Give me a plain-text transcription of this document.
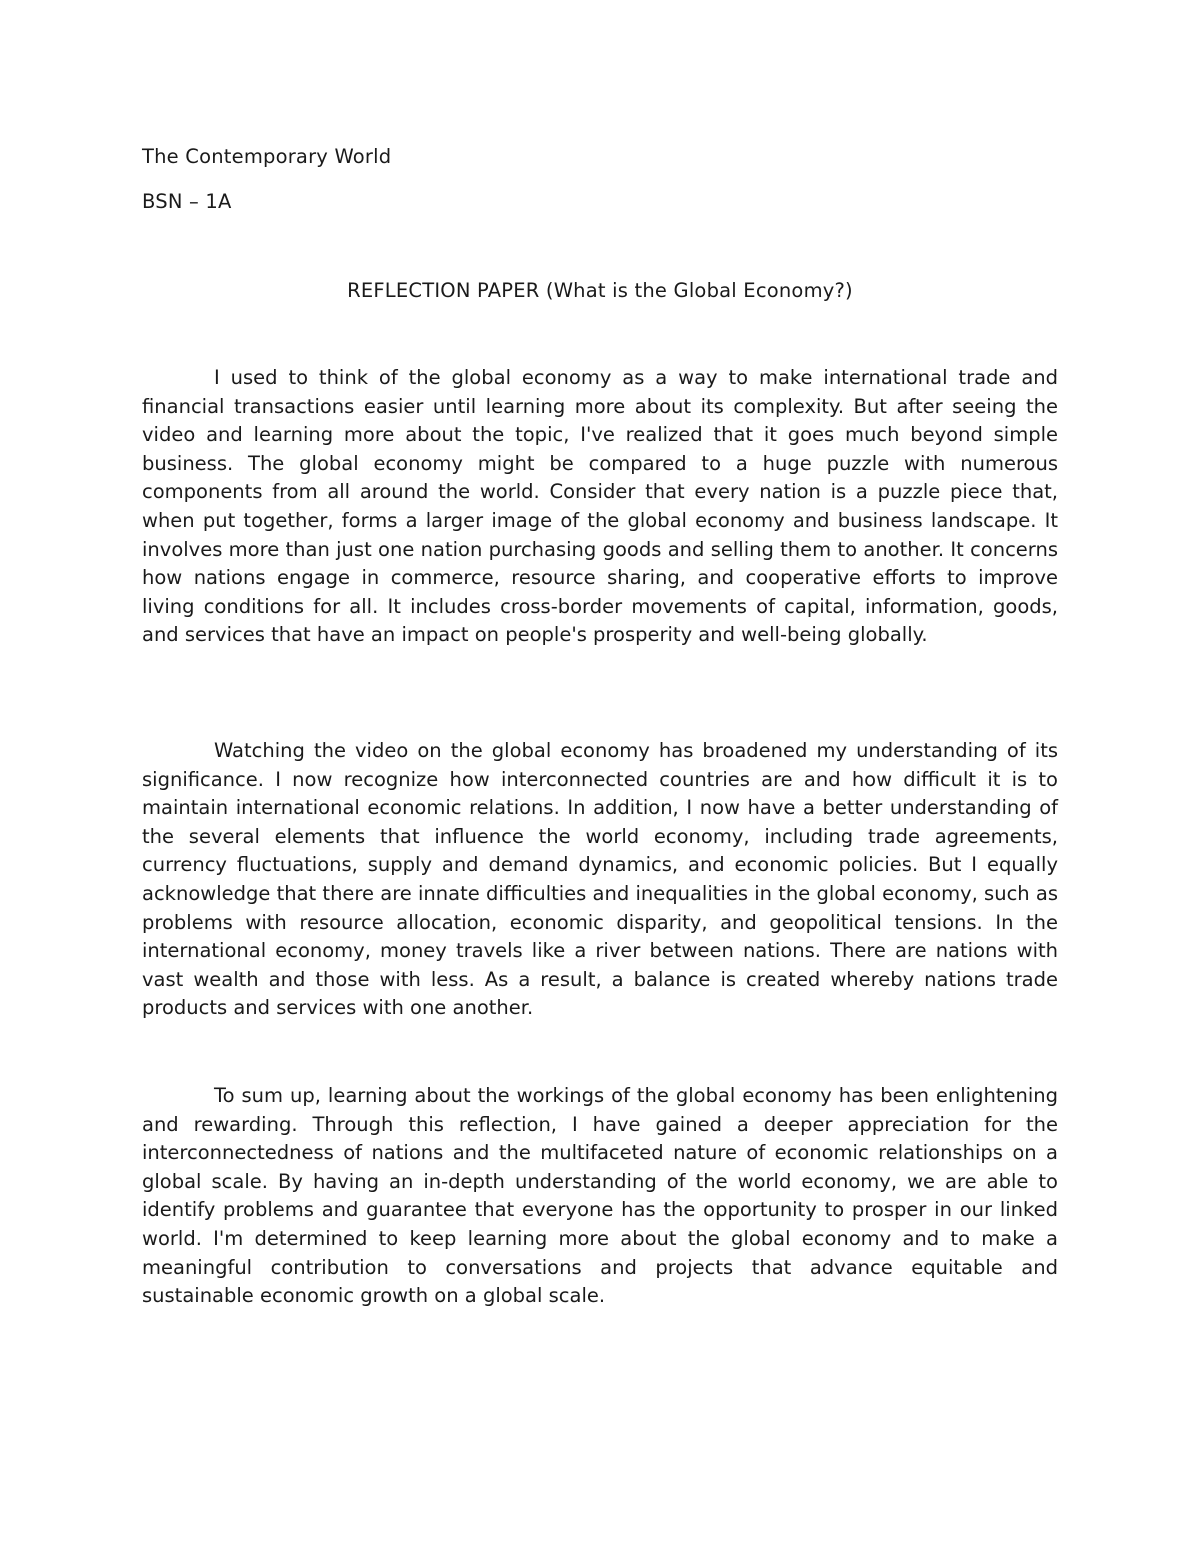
The Contemporary World
BSN – 1A
REFLECTION PAPER (What is the Global Economy?)

I used to think of the global economy as a way to make international trade and financial transactions easier until learning more about its complexity. But after seeing the video and learning more about the topic, I've realized that it goes much beyond simple business. The global economy might be compared to a huge puzzle with numerous components from all around the world. Consider that every nation is a puzzle piece that, when put together, forms a larger image of the global economy and business landscape. It involves more than just one nation purchasing goods and selling them to another. It concerns how nations engage in commerce, resource sharing, and cooperative efforts to improve living conditions for all. It includes cross-border movements of capital, information, goods, and services that have an impact on people's prosperity and well-being globally.

Watching the video on the global economy has broadened my understanding of its significance. I now recognize how interconnected countries are and how difficult it is to maintain international economic relations. In addition, I now have a better understanding of the several elements that influence the world economy, including trade agreements, currency fluctuations, supply and demand dynamics, and economic policies. But I equally acknowledge that there are innate difficulties and inequalities in the global economy, such as problems with resource allocation, economic disparity, and geopolitical tensions. In the international economy, money travels like a river between nations. There are nations with vast wealth and those with less. As a result, a balance is created whereby nations trade products and services with one another.

To sum up, learning about the workings of the global economy has been enlightening and rewarding. Through this reflection, I have gained a deeper appreciation for the interconnectedness of nations and the multifaceted nature of economic relationships on a global scale. By having an in-depth understanding of the world economy, we are able to identify problems and guarantee that everyone has the opportunity to prosper in our linked world. I'm determined to keep learning more about the global economy and to make a meaningful contribution to conversations and projects that advance equitable and sustainable economic growth on a global scale.
